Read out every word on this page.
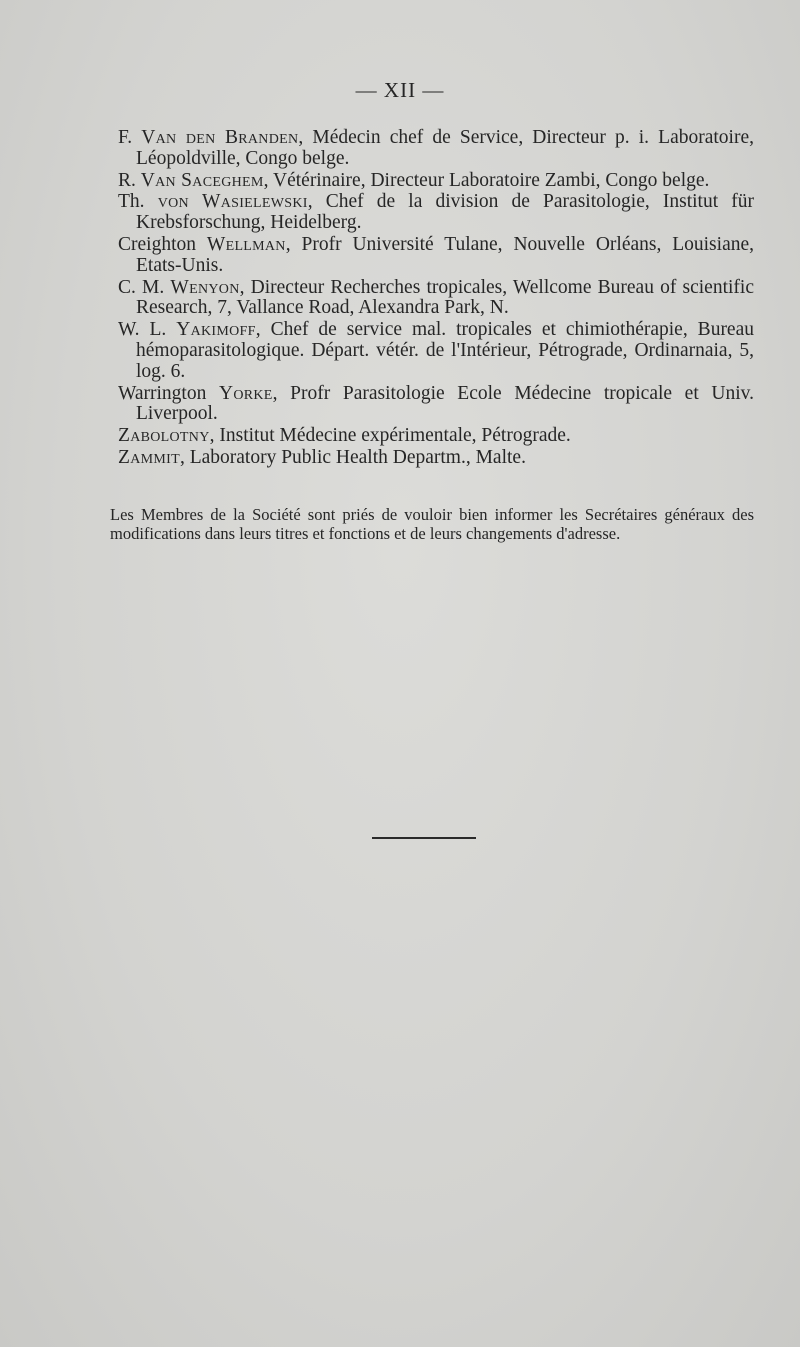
— XII —

F. Van den Branden, Médecin chef de Service, Directeur p. i. Laboratoire, Léopoldville, Congo belge.

R. Van Saceghem, Vétérinaire, Directeur Laboratoire Zambi, Congo belge.

Th. von Wasielewski, Chef de la division de Parasitologie, Institut für Krebsforschung, Heidelberg.

Creighton Wellman, Profr Université Tulane, Nouvelle Orléans, Louisiane, Etats-Unis.

C. M. Wenyon, Directeur Recherches tropicales, Wellcome Bureau of scientific Research, 7, Vallance Road, Alexandra Park, N.

W. L. Yakimoff, Chef de service mal. tropicales et chimiothérapie, Bureau hémoparasitologique. Départ. vétér. de l'Intérieur, Pétrograde, Ordinarnaia, 5, log. 6.

Warrington Yorke, Profr Parasitologie Ecole Médecine tropicale et Univ. Liverpool.

Zabolotny, Institut Médecine expérimentale, Pétrograde.

Zammit, Laboratory Public Health Departm., Malte.

Les Membres de la Société sont priés de vouloir bien informer les Secrétaires généraux des modifications dans leurs titres et fonctions et de leurs changements d'adresse.
